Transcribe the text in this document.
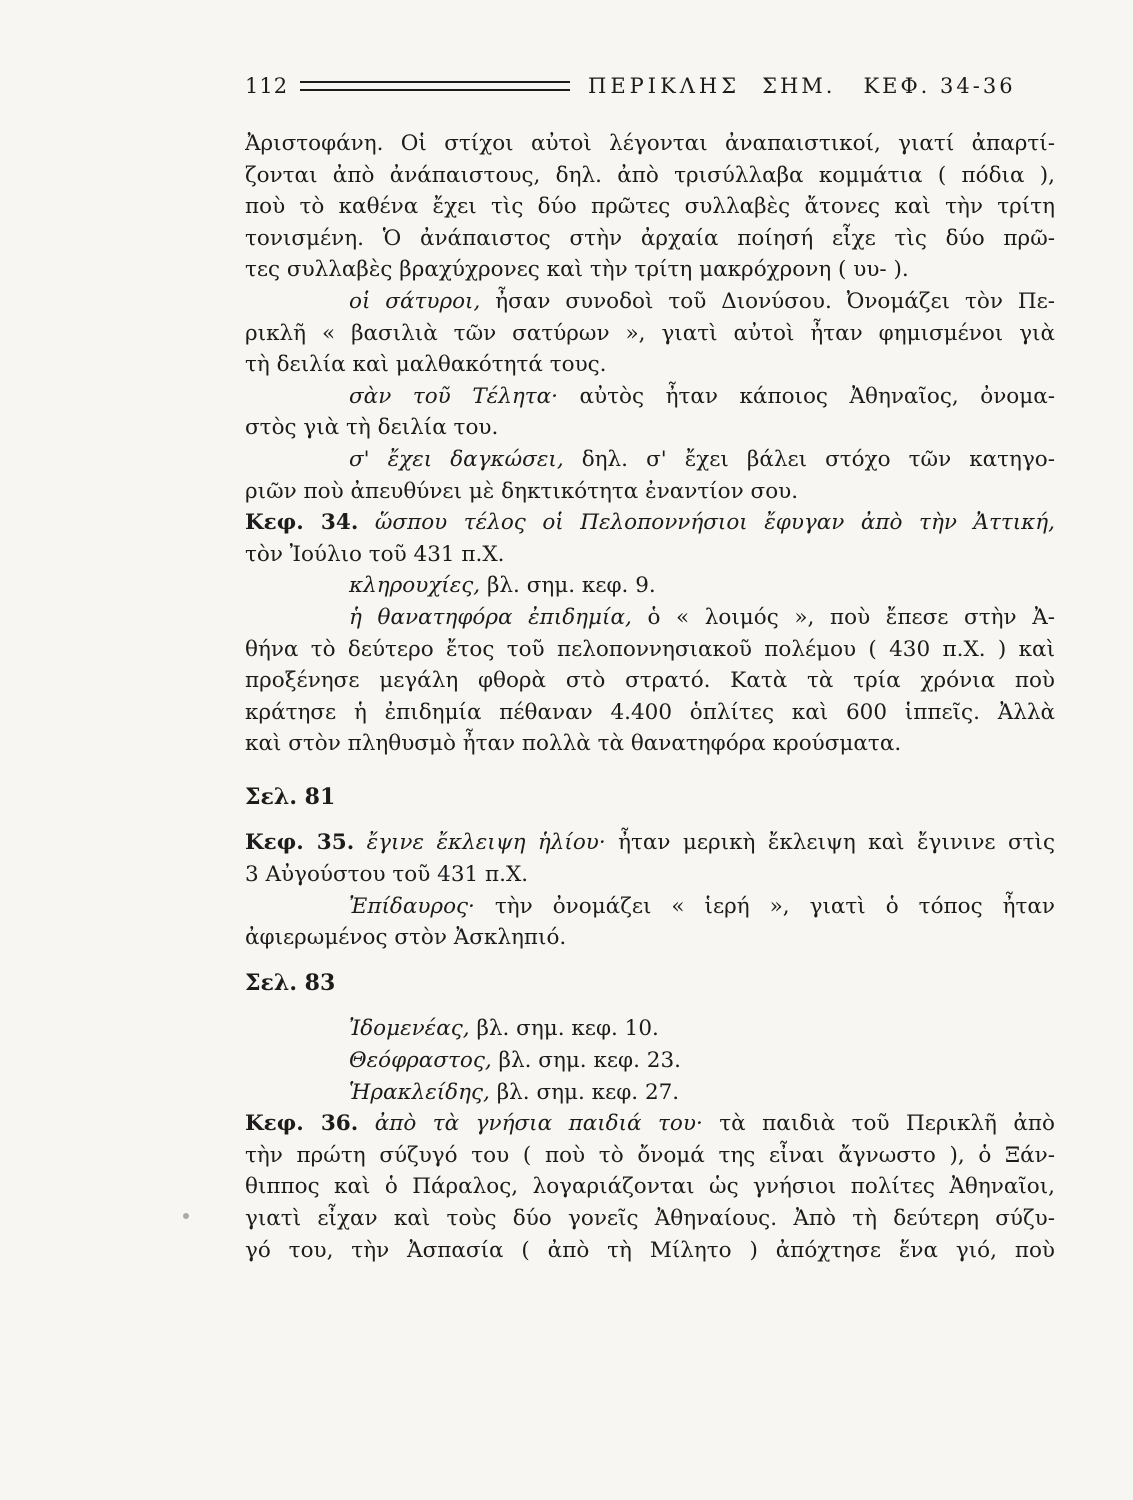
112	ΠΕΡΙΚΛΗΣ ΣΗΜ. ΚΕΦ. 34-36
Ἀριστοφάνη. Οἱ στίχοι αὐτοὶ λέγονται ἀναπαιστικοί, γιατί ἀπαρτί-
ζονται ἀπὸ ἀνάπαιστους, δηλ. ἀπὸ τρισύλλαβα κομμάτια ( πόδια ),
ποὺ τὸ καθένα ἔχει τὶς δύο πρῶτες συλλαβὲς ἄτονες καὶ τὴν τρίτη
τονισμένη. Ὁ ἀνάπαιστος στὴν ἀρχαία ποίησή εἶχε τὶς δύο πρῶ-
τες συλλαβὲς βραχύχρονες καὶ τὴν τρίτη μακρόχρονη ( υυ- ).
οἱ σάτυροι, ἦσαν συνοδοὶ τοῦ Διονύσου. Ὀνομάζει τὸν Πε-
ρικλῆ « βασιλιὰ τῶν σατύρων », γιατὶ αὐτοὶ ἦταν φημισμένοι γιὰ
τὴ δειλία καὶ μαλθακότητά τους.
σὰν τοῦ Τέλητα· αὐτὸς ἦταν κάποιος Ἀθηναῖος, ὀνομα-
στὸς γιὰ τὴ δειλία του.
σ' ἔχει δαγκώσει, δηλ. σ' ἔχει βάλει στόχο τῶν κατηγο-
ριῶν ποὺ ἀπευθύνει μὲ δηκτικότητα ἐναντίον σου.
Κεφ. 34. ὥσπου τέλος οἱ Πελοποννήσιοι ἔφυγαν ἀπὸ τὴν Ἀττική,
τὸν Ἰούλιο τοῦ 431 π.Χ.
κληρουχίες, βλ. σημ. κεφ. 9.
ἡ θανατηφόρα ἐπιδημία, ὁ « λοιμός », ποὺ ἔπεσε στὴν Ἀ-
θήνα τὸ δεύτερο ἔτος τοῦ πελοποννησιακοῦ πολέμου ( 430 π.Χ. ) καὶ
προξένησε μεγάλη φθορὰ στὸ στρατό. Κατὰ τὰ τρία χρόνια ποὺ
κράτησε ἡ ἐπιδημία πέθαναν 4.400 ὁπλίτες καὶ 600 ἱππεῖς. Ἀλλὰ
καὶ στὸν πληθυσμὸ ἦταν πολλὰ τὰ θανατηφόρα κρούσματα.
Σελ. 81
Κεφ. 35. ἔγινε ἔκλειψη ἡλίου· ἦταν μερικὴ ἔκλειψη καὶ ἔγινινε στὶς
3 Αὐγούστου τοῦ 431 π.Χ.
Ἐπίδαυρος· τὴν ὀνομάζει « ἱερή », γιατὶ ὁ τόπος ἦταν
ἀφιερωμένος στὸν Ἀσκληπιό.
Σελ. 83
Ἰδομενέας, βλ. σημ. κεφ. 10.
Θεόφραστος, βλ. σημ. κεφ. 23.
Ἡρακλείδης, βλ. σημ. κεφ. 27.
Κεφ. 36. ἀπὸ τὰ γνήσια παιδιά του· τὰ παιδιὰ τοῦ Περικλῆ ἀπὸ
τὴν πρώτη σύζυγό του ( ποὺ τὸ ὄνομά της εἶναι ἄγνωστο ), ὁ Ξάν-
θιππος καὶ ὁ Πάραλος, λογαριάζονται ὡς γνήσιοι πολίτες Ἀθηναῖοι,
γιατὶ εἶχαν καὶ τοὺς δύο γονεῖς Ἀθηναίους. Ἀπὸ τὴ δεύτερη σύζυ-
γό του, τὴν Ἀσπασία ( ἀπὸ τὴ Μίλητο ) ἀπόχτησε ἕνα γιό, ποὺ
